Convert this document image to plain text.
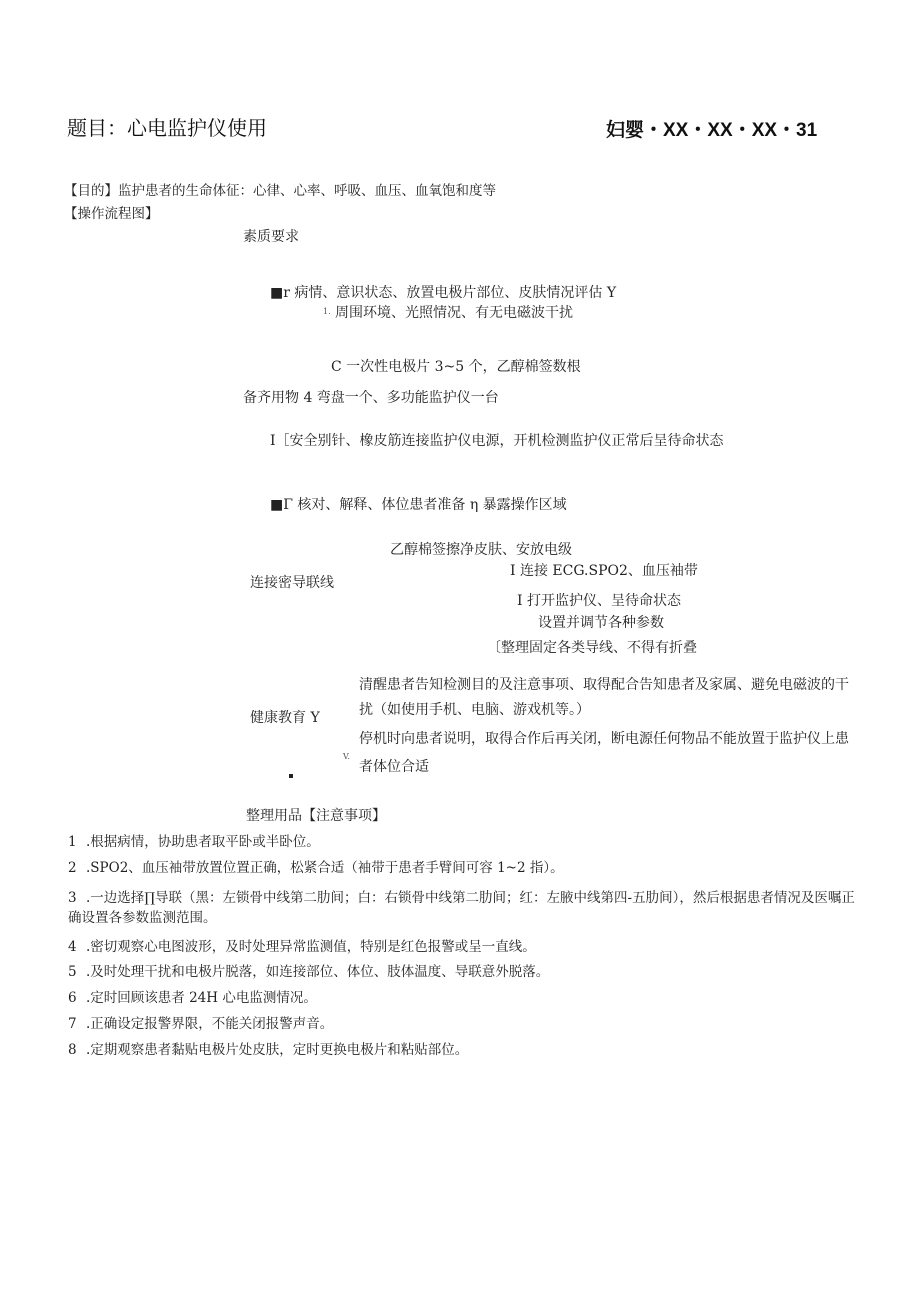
题目：心电监护仪使用	妇婴・XX・XX・XX・31
【目的】监护患者的生命体征：心律、心率、呼吸、血压、血氧饱和度等
【操作流程图】
素质要求
■r 病情、意识状态、放置电极片部位、皮肤情况评估 Y
1. 周围环境、光照情况、有无电磁波干扰
C 一次性电极片 3~5 个，乙醇棉签数根
备齐用物 4 弯盘一个、多功能监护仪一台
I［安全别针、橡皮筋连接监护仪电源，开机检测监护仪正常后呈待命状态
■Γ 核对、解释、体位患者准备 η 暴露操作区域
乙醇棉签擦净皮肤、安放电级
I 连接 ECG.SPO2、血压袖带
连接密导联线
I 打开监护仪、呈待命状态
设置并调节各种参数
〔整理固定各类导线、不得有折叠
清醒患者告知检测目的及注意事项、取得配合告知患者及家属、避免电磁波的干扰（如使用手机、电脑、游戏机等。）
健康教育 Y
停机时向患者说明，取得合作后再关闭，断电源任何物品不能放置于监护仪上患者体位合适
V.
整理用品【注意事项】
1 .根据病情，协助患者取平卧或半卧位。
2 .SPO2、血压袖带放置位置正确，松紧合适（袖带于患者手臂间可容 1~2 指）。
3 .一边选择∏导联（黑：左锁骨中线第二肋间；白：右锁骨中线第二肋间；红：左腋中线第四-五肋间），然后根据患者情况及医嘱正确设置各参数监测范围。
4 .密切观察心电图波形，及时处理异常监测值，特别是红色报警或呈一直线。
5 .及时处理干扰和电极片脱落，如连接部位、体位、肢体温度、导联意外脱落。
6 .定时回顾该患者 24H 心电监测情况。
7 .正确设定报警界限，不能关闭报警声音。
8 .定期观察患者黏贴电极片处皮肤，定时更换电极片和粘贴部位。
